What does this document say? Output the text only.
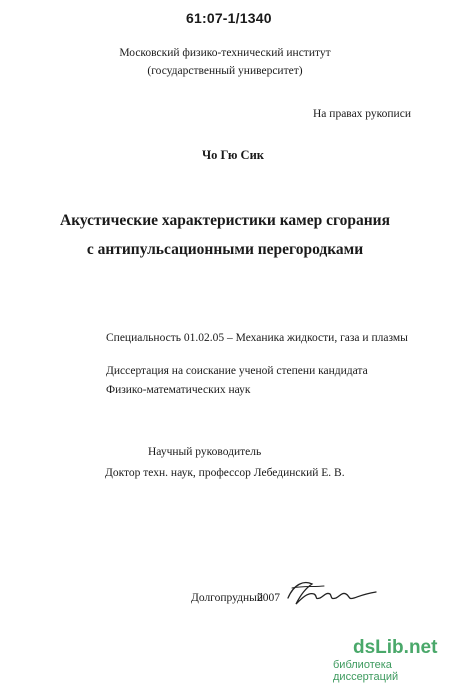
61:07-1/1340
Московский физико-технический институт
(государственный университет)
На правах рукописи
Чо Гю Сик
Акустические характеристики камер сгорания
с антипульсационными перегородками
Специальность 01.02.05 – Механика жидкости, газа и плазмы
Диссертация на соискание ученой степени кандидата
Физико-математических наук
Научный руководитель
Доктор техн. наук, профессор Лебединский Е. В.
Долгопрудный
2007
dsLib.net
библиотека диссертаций
